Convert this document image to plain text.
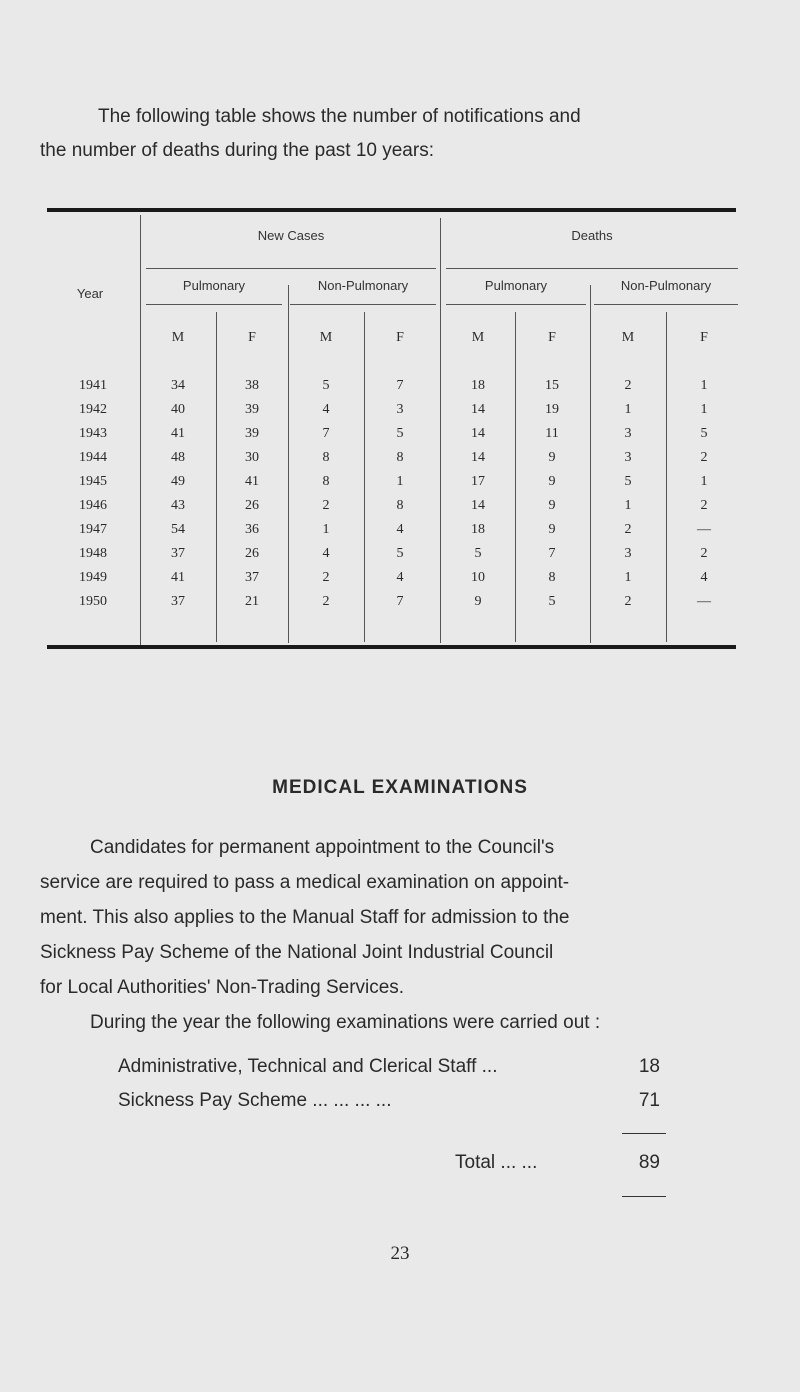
The following table shows the number of notifications and
the number of deaths during the past 10 years:
Year
New Cases	Deaths
Pulmonary	Non-Pulmonary	Pulmonary	Non-Pulmonary
M	F	M	F	M	F	M	F
1941	34	38	5	7	18	15	2	1
1942	40	39	4	3	14	19	1	1
1943	41	39	7	5	14	11	3	5
1944	48	30	8	8	14	9	3	2
1945	49	41	8	1	17	9	5	1
1946	43	26	2	8	14	9	1	2
1947	54	36	1	4	18	9	2	—
1948	37	26	4	5	5	7	3	2
1949	41	37	2	4	10	8	1	4
1950	37	21	2	7	9	5	2	—
MEDICAL EXAMINATIONS
Candidates for permanent appointment to the Council's
service are required to pass a medical examination on appoint-
ment. This also applies to the Manual Staff for admission to the
Sickness Pay Scheme of the National Joint Industrial Council
for Local Authorities' Non-Trading Services.
During the year the following examinations were carried out :
Administrative, Technical and Clerical Staff ...	18
Sickness Pay Scheme ... ... ... ...	71
Total ... ...	89
23
